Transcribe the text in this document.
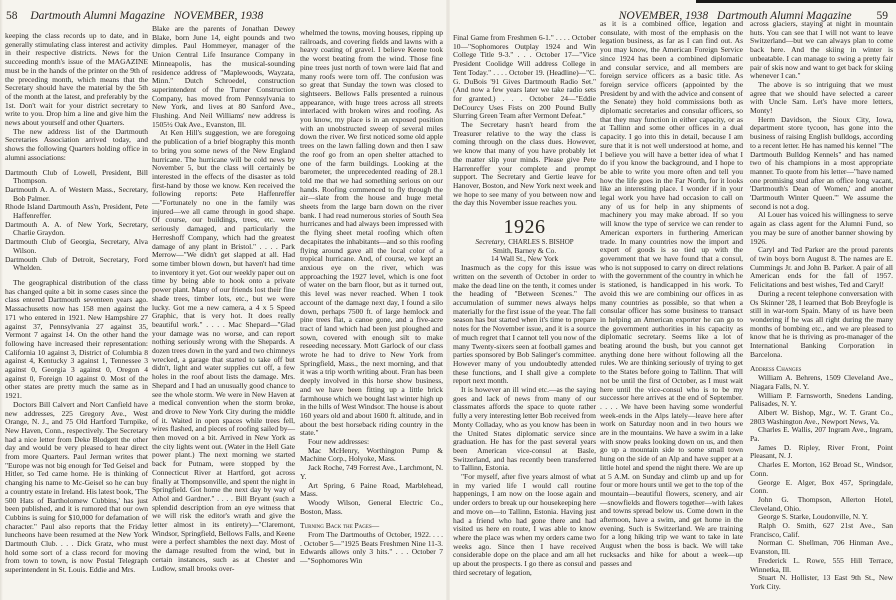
58 Dartmouth Alumni Magazine NOVEMBER, 1938	NOVEMBER, 1938 Dartmouth Alumni Magazine 59

keeping the class records up to date, and in generally stimulating class interest and activity in their respective districts. News for the succeeding month's issue of the MAGAZINE must be in the hands of the printer on the 9th of the preceding month, which means that the Secretary should have the material by the 5th of the month at the latest, and preferably by the 1st. Don't wait for your district secretary to write to you. Drop him a line and give him the news about yourself and other Quarters.

The new address list of the Dartmouth Secretaries Association arrived today, and shows the following Quarters holding office in alumni associations:

Dartmouth Club of Lowell, President, Bill Thompson.

Dartmouth A. A. of Western Mass., Secretary, Bob Palmer.

Rhode Island Dartmouth Ass'n, President, Pete Haffenreffer.

Dartmouth A. A. of New York, Secretary, Charlie Graydon.

Dartmouth Club of Georgia, Secretary, Alva Wilson.

Dartmouth Club of Detroit, Secretary, Ford Whelden.

The geographical distribution of the class has changed quite a bit in some cases since the class entered Dartmouth seventeen years ago. Massachusetts now has 158 men against the 171 who entered in 1921. New Hampshire 27 against 37, Pennsylvania 27 against 35, Vermont 7 against 14. On the other hand the following have increased their representation: California 10 against 3, District of Columbia 8 against 4, Kentucky 3 against 1, Tennessee 3 against 0, Georgia 3 against 0, Oregon 4 against 0, Foreign 10 against 0. Most of the other states are pretty much the same as in 1921.

Doctors Bill Calvert and Nort Canfield have new addresses, 225 Gregory Ave., West Orange, N. J., and 75 Old Hartford Turnpike, New Haven, Conn., respectively. The Secretary had a nice letter from Deke Blodgett the other day and would be very pleased to hear direct from more Quarters. Paul Jerman writes that "Europe was not big enough for Ted Geisel and Hitler, so Ted came home. He is thinking of changing his name to Mc-Geisel so he can buy a country estate in Ireland. His latest book, 'The 500 Hats of Bartholomew Cubbins,' has just been published, and it is rumored that our own Cubbins is suing for $10,000 for defamation of character." Paul also reports that the Friday luncheons have been resumed at the New York Dartmouth Club. . . . Dick Gratz, who must hold some sort of a class record for moving from town to town, is now Postal Telegraph superintendent in St. Louis. Eddie and Mrs.

Blake are the parents of Jonathan Dewey Blake, born June 14, eight pounds and two dimples. Paul Hommeyer, manager of the Union Central Life Insurance Company in Minneapolis, has the musical-sounding residence address of "Maplewoods, Wayzata, Minn." Dutch Schroedel, construction superintendent of the Turner Construction Company, has moved from Pennsylvania to New York, and lives at 80 Sanford Ave., Flushing. And Neil Williams' new address is 1505½ Oak Ave., Evanston, Ill.

At Ken Hill's suggestion, we are foregoing the publication of a brief biography this month to bring you some news of the New England hurricane. The hurricane will be cold news by November 5, but the class will certainly be interested in the effects of the disaster as told first-hand by those we know. Ken received the following reports: Pete Haffenreffer—"Fortunately no one in the family was injured—we all came through in good shape. Of course, our buildings, trees, etc. were seriously damaged, and particularly the Herreshoff Company, which had the greatest damage of any plant in Bristol." . . . . Park Merrow—"We didn't get slapped at all. Had some timber blown down, but haven't had time to inventory it yet. Got our weekly paper out on time by being able to hook onto a private power plant. Many of our friends lost their fine shade trees, timber lots, etc., but we were lucky. Got me a new camera, a 4 x 5 Speed Graphic, that is very hot. It does really beautiful work." . . . . Mac Shepard—"Glad your damage was no worse, and can report nothing seriously wrong with the Shepards. A dozen trees down in the yard and two chimneys wrecked, a garage that started to take off but didn't, light and water supplies cut off, a few holes in the roof about lists the damage. Mrs. Shepard and I had an unusually good chance to see the whole storm. We were in New Haven at a medical convention when the storm broke, and drove to New York City during the middle of it. Waited in open spaces while trees fell, wires flashed, and pieces of roofing sailed by—then moved on a bit. Arrived in New York as the city lights went out. (Water in the Hell Gate power plant.) The next morning we started back for Putnam, were stopped by the Connecticut River at Hartford, got across finally at Thompsonville, and spent the night in Springfield. Got home the next day by way of Athol and Gardner." . . . . Bill Bryant (such a splendid description from an eye witness that we will risk the editor's wrath and give the letter almost in its entirety)—"Claremont, Windsor, Springfield, Bellows Falls, and Keene were a perfect shambles the next day. Most of the damage resulted from the wind, but in certain instances, such as at Chester and Ludlow, small brooks over-

whelmed the towns, moving houses, ripping up railroads, and covering fields and lawns with a heavy coating of gravel. I believe Keene took the worst beating from the wind. Those fine pine trees just north of town were laid flat and many roofs were torn off. The confusion was so great that Sunday the town was closed to sightseers. Bellows Falls presented a ruinous appearance, with huge trees across all streets interlaced with broken wires and roofing. As you know, my place is in an exposed position with an unobstructed sweep of several miles down the river. We first noticed some old apple trees on the lawn falling down and then I saw the roof go from an open shelter attached to one of the farm buildings. Looking at the barometer, the unprecedented reading of 28.1 told me that we had something serious on our hands. Roofing commenced to fly through the air—slate from the house and huge metal sheets from the large barn down on the river bank. I had read numerous stories of South Sea hurricanes and had always been impressed with the flying sheet metal roofing which often decapitates the inhabitants—and so this roofing flying around gave all the local color of a tropical hurricane. And, of course, we kept an anxious eye on the river, which was approaching the 1927 level, which is one foot of water on the barn floor, but as it turned out, this level was never reached. When I took account of the damage next day, I found a silo down, perhaps 7500 ft. of large hemlock and pine trees flat, a canoe gone, and a five-acre tract of land which had been just ploughed and sown, covered with enough silt to make reseeding necessary. Mott Garlock of our class wrote he had to drive to New York from Springfield, Mass., the next morning, and that it was a trip worth writing about. Fran has been deeply involved in this horse show business, and we have been fitting up a little brick farmhouse which we bought last winter high up in the hills of West Windsor. The house is about 160 years old and about 1600 ft. altitude, and in about the best horseback riding country in the state."

Four new addresses:

Mac McHenry, Worthington Pump & Machine Corp., Holyoke, Mass.

Jack Roche, 749 Forrest Ave., Larchmont, N. Y.

Art Spring, 6 Paine Road, Marblehead, Mass.

Woody Wilson, General Electric Co., Boston, Mass.

Turning Back the Pages—

From The Dartmouths of October, 1922. . . . . October 5—"1925 Beats Freshmen Nine 11-3. Edwards allows only 3 hits." . . . October 7—"Sophomores Win

Final Game from Freshmen 6-1." . . . . October 10—"Sophomores Outplay 1924 and Win College Title 9-3." . . . October 17—"Vice President Coolidge Will address College in Tent Today." . . . . October 19. (Headline)—"C. G. DuBois '91 Gives Dartmouth Radio Set." (And now a few years later we take radio sets for granted.) . . . October 24—"Eddie DeCourcy Uses Fists on 200 Pound Bully Slurring Green Team after Vermont Defeat."

The Secretary hasn't heard from the Treasurer relative to the way the class is coming through on the class dues. However, we know that many of you have probably let the matter slip your minds. Please give Pete Harrenreffer your complete and prompt support. The Secretary and Gertie leave for Hanover, Boston, and New York next week and we hope to see many of you between now and the day this November issue reaches you.

1926

Secretary, CHARLES S. BISHOP

Smith, Barney & Co.

14 Wall St., New York

Inasmuch as the copy for this issue was written on the seventh of October in order to make the dead line on the tenth, it comes under the heading of "Between Scenes." The accumulation of summer news always helps materially for the first issue of the year. The fall season has but started when it's time to prepare notes for the November issue, and it is a source of much regret that I cannot tell you now of the many Twenty-sixers seen at football games and parties sponsored by Bob Salinger's committee. However many of you undoubtedly attended these functions, and I shall give a complete report next month.

It is however an ill wind etc.—as the saying goes and lack of news from many of our classmates affords the space to quote rather fully a very interesting letter Bob received from Monty Colladay, who as you know has been in the United States diplomatic service since graduation. He has for the past several years been American vice-consul at Basle, Switzerland, and has recently been transferred to Tallinn, Estonia.

"For myself, after five years almost of what in my varied life I would call routine happenings, I am now on the loose again and under orders to break up our housekeeping here and move on—to Tallinn, Estonia. Having just had a friend who had gone there and had visited us here en route, I was able to know where the place was when my orders came two weeks ago. Since then I have received considerable dope on the place and am all het up about the prospects. I go there as consul and third secretary of legation,

as it is a combined office, legation and consulate, with most of the emphasis on the legation business, as far as I can find out. As you may know, the American Foreign Service since 1924 has been a combined diplomatic and consular service, and all members are foreign service officers as a basic title. As foreign service officers (appointed by the President by and with the advice and consent of the Senate) they hold commissions both as diplomatic secretaries and consular officers, so that they may function in either capacity, or as at Tallinn and some other offices in a dual capacity. I go into this in detail, because I am sure that it is not well understood at home, and I believe you will have a better idea of what I do if you know the background, and I hope to be able to write you more often and tell you how the life goes in the Far North, for it looks like an interesting place. I wonder if in your legal work you have had occasion to call on any of us for help in any shipments of machinery you may make abroad. If so you will know the type of service we can render to American exporters in furthering American trade. In many countries now the import and export of goods is so tied up with the government that we have found that a consul, who is not supposed to carry on direct relations with the government of the country in which he is stationed, is handicapped in his work. To avoid this we are combining our offices in as many countries as possible, so that when a consular officer has some business to transact in helping an American exporter he can go to the government authorities in his capacity as diplomatic secretary. Seems like a lot of beating around the bush, but you cannot get anything done here without following all the rules. We are thinking seriously of trying to get to the States before going to Tallinn. That will not be until the first of October, as I must wait here until the vice-consul who is to be my successor here arrives at the end of September. . . . . We have been having some wonderful week-ends in the Alps lately—leave here after work on Saturday noon and in two hours we are in the mountains. We have a swim in a lake with snow peaks looking down on us, and then go up a mountain side to some small town hung on the side of an Alp and have supper at a little hotel and spend the night there. We are up at 5 A.M. on Sunday and climb up and up for four or more hours until we get to the top of the mountain—beautiful flowers, scenery, and air—snowfields and flowers together—with lakes and towns spread below us. Come down in the afternoon, have a swim, and get home in the evening. Such is Switzerland. We are training for a long hiking trip we want to take in late August when the boss is back. We will take rucksacks and hike for about a week—up passes and

across glaciers, staying at night in mountain huts. You can see that I will not want to leave Switzerland—but we can always plan to come back here. And the skiing in winter is unbeatable. I can manage to swing a pretty fair pair of skis now and want to get back for skiing whenever I can."

The above is so intriguing that we must agree that we should have selected a career with Uncle Sam. Let's have more letters, Monty!

Herm Davidson, the Sioux City, Iowa, department store tycoon, has gone into the business of raising English bulldogs, according to a recent letter. He has named his kennel "The Dartmouth Bulldog Kennels" and has named two of his champions in a most appropriate manner. To quote from his letter—"have named one promising stud after an office long vacant, 'Dartmouth's Dean of Women,' and another 'Dartmouth Winter Queen.'" We assume the second is not a dog.

Al Louer has voiced his willingness to serve again as class agent for the Alumni Fund, so you may be sure of another banner showing by 1926.

Caryl and Ted Parker are the proud parents of twin boys born August 8. The names are E. Cummings Jr. and John B. Parker. A pair of all American ends for the fall of 1957. Felicitations and best wishes, Ted and Caryl!

During a recent telephone conversation with Os Skinner '28, I learned that Bob Breyfogle is still in war-torn Spain. Many of us have been wondering if he was all right during the many months of bombing etc., and we are pleased to know that he is thriving as pro-manager of the International Banking Corporation in Barcelona.

Address Changes

William A. Behrens, 1509 Cleveland Ave., Niagara Falls, N. Y.

William P. Farnsworth, Snedens Landing, Palisades, N. Y.

Albert W. Bishop, Mgr., W. T. Grant Co., 2803 Washington Ave., Newport News, Va.

Charles E. Wallis, 207 Ingram Ave., Ingram, Pa.

James D. Ripley, River Front, Point Pleasant, N. J.

Charles E. Morton, 162 Broad St., Windsor, Conn.

George E. Alger, Box 457, Springdale, Conn.

John G. Thompson, Allerton Hotel, Cleveland, Ohio.

George S. Starke, Loudonville, N. Y.

Ralph O. Smith, 627 21st Ave., San Francisco, Calif.

Norman C. Shellman, 706 Hinman Ave., Evanston, Ill.

Frederick L. Rowe, 555 Hill Terrace, Winnetka, Ill.

Stuart N. Hollister, 13 East 9th St., New York City.
